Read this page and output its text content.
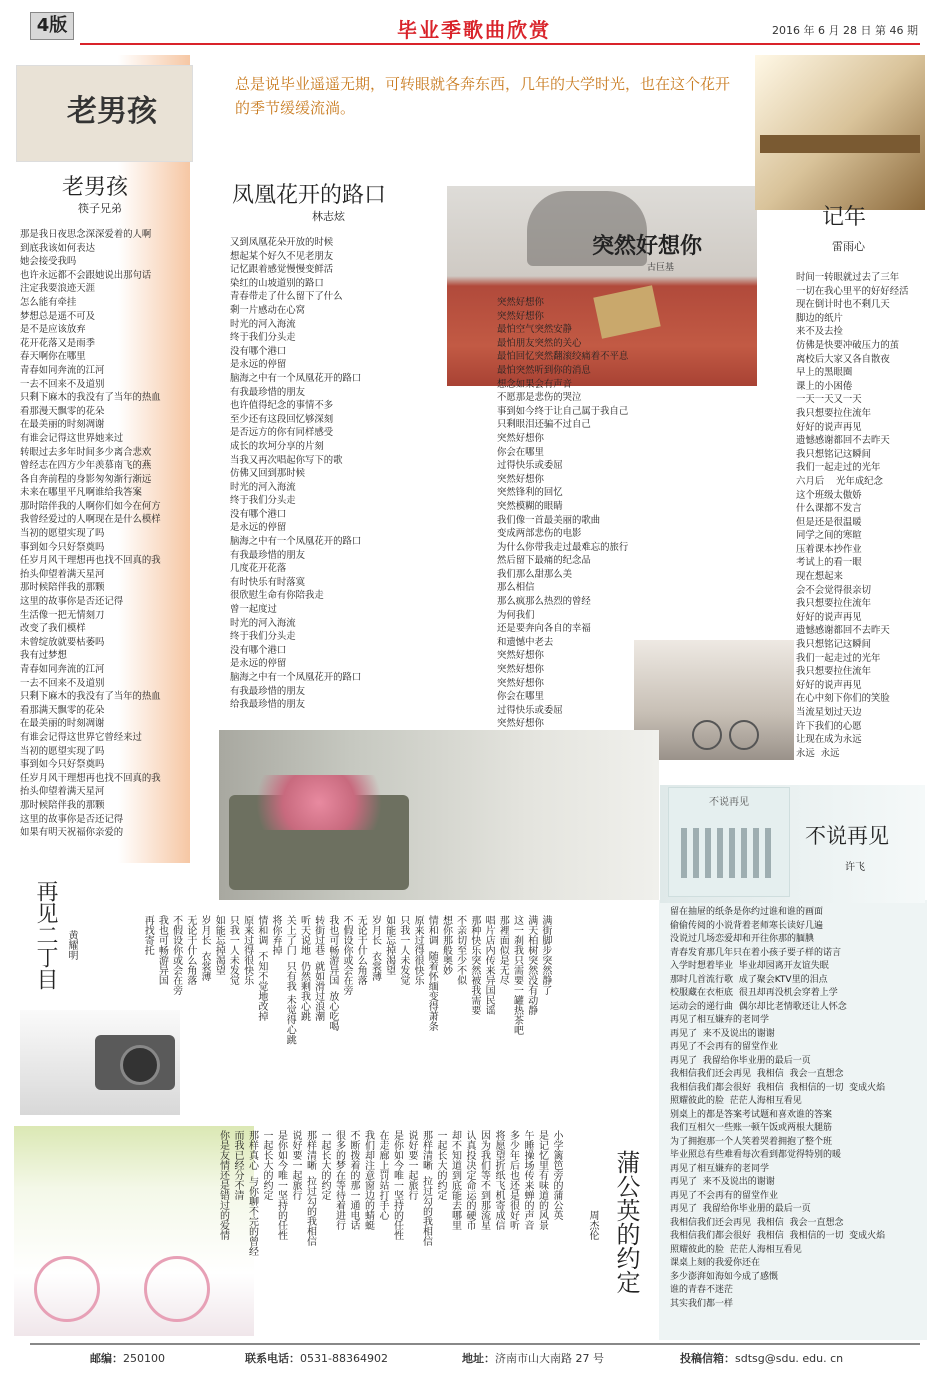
4版	毕业季歌曲欣赏	2016 年 6 月 28 日 第 46 期
老男孩
老男孩
筷子兄弟
那是我日夜思念深深爱着的人啊
到底我该如何表达
她会接受我吗
也许永远都不会跟她说出那句话
注定我要浪迹天涯
怎么能有牵挂
梦想总是遥不可及
是不是应该放弃
花开花落又是雨季
春天啊你在哪里
青春如同奔流的江河
一去不回来不及道别
只剩下麻木的我没有了当年的热血
看那漫天飘零的花朵
在最美丽的时刻凋谢
有谁会记得这世界她来过
转眼过去多年时间多少离合悲欢
曾经志在四方少年羡慕南飞的燕
各自奔前程的身影匆匆渐行渐远
未来在哪里平凡啊谁给我答案
那时陪伴我的人啊你们如今在何方
我曾经爱过的人啊现在是什么模样
当初的愿望实现了吗
事到如今只好祭奠吗
任岁月风干理想再也找不回真的我
抬头仰望着满天星河
那时候陪伴我的那颗
这里的故事你是否还记得
生活像一把无情刻刀
改变了我们模样
未曾绽放就要枯萎吗
我有过梦想
青春如同奔流的江河
一去不回来不及道别
只剩下麻木的我没有了当年的热血
看那满天飘零的花朵
在最美丽的时刻凋谢
有谁会记得这世界它曾经来过
当初的愿望实现了吗
事到如今只好祭奠吗
任岁月风干理想再也找不回真的我
抬头仰望着满天星河
那时候陪伴我的那颗
这里的故事你是否还记得
如果有明天祝福你亲爱的
总是说毕业遥遥无期，可转眼就各奔东西，几年的大学时光，也在这个花开的季节缓缓流淌。
凤凰花开的路口
林志炫
又到凤凰花朵开放的时候
想起某个好久不见老朋友
记忆跟着感觉慢慢变鲜活
染红的山坡道别的路口
青春带走了什么留下了什么
剩一片感动在心窝
时光的河入海流
终于我们分头走
没有哪个港口
是永远的停留
脑海之中有一个凤凰花开的路口
有我最珍惜的朋友
也许值得纪念的事情不多
至少还有这段回忆够深刻
是否远方的你有同样感受
成长的坎坷分享的片刻
当我又再次唱起你写下的歌
仿佛又回到那时候
时光的河入海流
终于我们分头走
没有哪个港口
是永远的停留
脑海之中有一个凤凰花开的路口
有我最珍惜的朋友
几度花开花落
有时快乐有时落寞
很欣慰生命有你陪我走
曾一起度过
时光的河入海流
终于我们分头走
没有哪个港口
是永远的停留
脑海之中有一个凤凰花开的路口
有我最珍惜的朋友
给我最珍惜的朋友
突然好想你
古巨基
突然好想你
突然好想你
最怕空气突然安静
最怕朋友突然的关心
最怕回忆突然翻滚绞痛着不平息
最怕突然听到你的消息
想念如果会有声音
不愿那是悲伤的哭泣
事到如今终于让自己属于我自己
只剩眼泪还骗不过自己
突然好想你
你会在哪里
过得快乐或委屈
突然好想你
突然锋利的回忆
突然模糊的眼睛
我们像一首最美丽的歌曲
变成两部悲伤的电影
为什么你带我走过最难忘的旅行
然后留下最痛的纪念品
我们那么甜那么美
那么相信
那么疯那么热烈的曾经
为何我们
还是要奔向各自的幸福
和遗憾中老去
突然好想你
突然好想你
突然好想你
你会在哪里
过得快乐或委屈
突然好想你

记年
雷雨心
时间一转眼就过去了三年
一切在我心里平的好好经活
现在倒计时也不剩几天
脚边的纸片
来不及去捡
仿佛是快要冲破压力的茧
离校后大家又各自散夜
早上的黑眼圈
课上的小困倦
一天一天又一天
我只想要拉住流年
好好的说声再见
遗憾感谢都回不去昨天
我只想铭记这瞬间
我们一起走过的光年
六月后    光年成纪念
这个班级太傲娇
什么课都不发言
但是还是很温暖
同学之间的寒暄
压着课本抄作业
考试上的看一眼
现在想起来
会不会觉得很亲切
我只想要拉住流年
好好的说声再见
遗憾感谢都回不去昨天
我只想铭记这瞬间
我们一起走过的光年
我只想要拉住流年
好好的说声再见
在心中刻下你们的笑脸
当流星划过天边
许下我们的心愿
让现在成为永远
永远  永远
不说再见
不说再见
许飞
留在抽屉的纸条是你约过谁和谁的画面
偷偷传阅的小说背着老师寒长读好几遍
没说过几场恋爱却和开往你那的腼腆
青春发育那几年只在着小孩子要子样的诺言
入学时想着毕业  毕业却园离开友谊失眠
那时几首流行歌  成了聚会KTV里的泪点
校服藏在衣柜底  很丑却再没机会穿着上学
运动会的递行曲  偶尔却比老情歌还让人怀念
再见了相互嫌弃的老同学
再见了  来不及说出的谢谢
再见了不会再有的留堂作业
再见了  我留给你毕业册的最后一页
我相信我们还会再见  我相信  我会一直想念
我相信我们都会很好  我相信  我相信的一切  变成火焰
照耀彼此的脸  茫茫人海相互看见
别桌上的都是答案考试题和喜欢谁的答案
我们互相欠一些账一顿午饭或两根大腿筋
为了拥抱那一个人笑着哭着拥抱了整个班
毕业照总有些难看每次看到都觉得特别的暖
再见了相互嫌弃的老同学
再见了  来不及说出的谢谢
再见了不会再有的留堂作业
再见了  我留给你毕业册的最后一页
我相信我们还会再见  我相信  我会一直想念
我相信我们都会很好  我相信  我相信的一切  变成火焰
照耀彼此的脸  茫茫人海相互看见
课桌上刻的我爱你还在
多少澎湃如海如今成了感慨
谁的青春不迷茫
其实我们都一样
再见二丁目 黄耀明	满街脚步突然静了
满天柏树突然没有动静
这一刹我只需要一罐热茶吧
那裡面似是无尽
唱片店内传来异国民谣
那种快乐突然被我需要
不亲切至少不似
想你那般奥妙
情和调  随着怀缅变得萧条
原来过得很快乐
只我一人未发觉
如能忘掉渴望
岁月长  衣裳薄
无论于什么角落
不假设你或会在旁
我也可畅游异国  放心吃喝
转街过巷  就如滑过浪潮
听天说地  仍然剩我心跳
关上了门  只有我 未觉得心跳
将你弃掉
情和调  不知不觉地改掉
原来过得很快乐
只我一人未发觉
如能忘掉渴望
岁月长  衣裳薄
无论于什么角落
不假设你或会在旁
我也可畅游异国
再找寄托
小学篱笆旁的蒲公英
是记忆里有味道的风景
午睡操场传来蝉的声音
多少年后也还是很好听
将愿望折纸飞机寄成信
因为我们等不到那流星
认真投决定命运的硬币
却不知道到底能去哪里
一起长大的约定
那样清晰  拉过勾的我相信
说好要一起旅行
是你如今唯一坚持的任性
在走廊上罚站打手心
我们却注意窗边的蜻蜓
不断拨着的那一通电话
很多的梦在等待着进行
一起长大的约定
那样清晰  拉过勾的我相信
说好要一起旅行
是你如今唯一坚持的任性
一起长大的约定
那样真心  与你聊不完的曾经
而我已经分不清
你是友情还是错过的爱情	蒲公英的约定
周杰伦
邮编：250100	联系电话：0531-88364902	地址：济南市山大南路 27 号	投稿信箱：sdtsg@sdu. edu. cn
